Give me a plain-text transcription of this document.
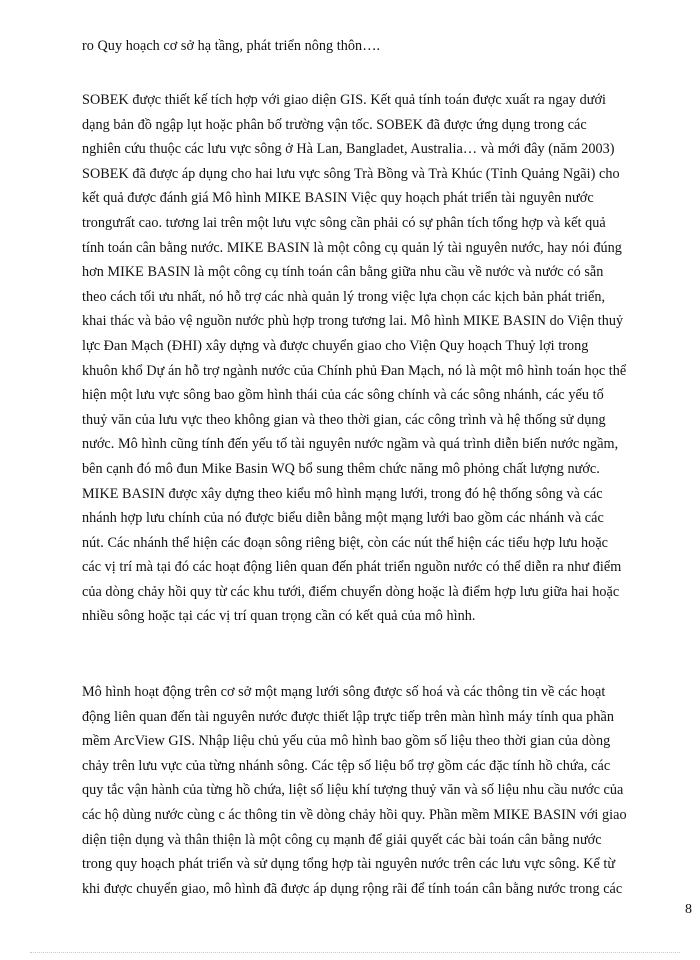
ro Quy hoạch cơ sở hạ tầng, phát triển nông thôn….
SOBEK được thiết kế tích hợp với giao diện GIS. Kết quả tính toán được xuất ra ngay dưới
dạng bản đồ ngập lụt hoặc phân bố trường vận tốc. SOBEK đã được ứng dụng trong các
nghiên cứu thuộc các lưu vực sông ở Hà Lan, Bangladet, Australia… và mới đây (năm 2003)
SOBEK đã được áp dụng cho hai lưu vực sông Trà Bồng và Trà Khúc (Tỉnh Quảng Ngãi) cho
kết quả được đánh giá Mô hình MIKE BASIN Việc quy hoạch phát triển tài nguyên nước
trongưrất cao. tương lai trên một lưu vực sông cần phải có sự phân tích tổng hợp và kết quả
tính toán cân bằng nước. MIKE BASIN là một công cụ quản lý tài nguyên nước, hay nói đúng
hơn MIKE BASIN là một công cụ tính toán cân bằng giữa nhu cầu về nước và nước có sẵn
theo cách tối ưu nhất, nó hỗ trợ các nhà quản lý trong việc lựa chọn các kịch bản phát triển,
khai thác và bảo vệ nguồn nước phù hợp trong tương lai. Mô hình MIKE BASIN do Viện thuỷ
lực Đan Mạch (ĐHI) xây dựng và được chuyển giao cho Viện Quy hoạch Thuỷ lợi trong
khuôn khổ Dự án hỗ trợ ngành nước của Chính phủ Đan Mạch, nó là một mô hình toán học thể
hiện một lưu vực sông bao gồm hình thái của các sông chính và các sông nhánh, các yếu tố
thuỷ văn của lưu vực theo không gian và theo thời gian, các công trình và hệ thống sử dụng
nước. Mô hình cũng tính đến yếu tố tài nguyên nước ngầm và quá trình diễn biến nước ngầm,
bên cạnh đó mô đun Mike Basin WQ bổ sung thêm chức năng mô phỏng chất lượng nước.
MIKE BASIN được xây dựng theo kiểu mô hình mạng lưới, trong đó hệ thống sông và các
nhánh hợp lưu chính của nó được biểu diễn bằng một mạng lưới bao gồm các nhánh và các
nút. Các nhánh thể hiện các đoạn sông riêng biệt, còn các nút thể hiện các tiểu hợp lưu hoặc
các vị trí mà tại đó các hoạt động liên quan đến phát triển nguồn nước có thể diễn ra như điểm
của dòng chảy hồi quy từ các khu tưới, điểm chuyển dòng hoặc là điểm hợp lưu giữa hai hoặc
nhiều sông hoặc tại các vị trí quan trọng cần có kết quả của mô hình.
Mô hình hoạt động trên cơ sở một mạng lưới sông được số hoá và các thông tin về các hoạt
động liên quan đến tài nguyên nước được thiết lập trực tiếp trên màn hình máy tính qua phần
mềm ArcView GIS. Nhập liệu chủ yếu của mô hình bao gồm số liệu theo thời gian của dòng
chảy trên lưu vực của từng nhánh sông. Các tệp số liệu bổ trợ gồm các đặc tính hồ chứa, các
quy tắc vận hành của từng hồ chứa, liệt số liệu khí tượng thuỷ văn và số liệu nhu cầu nước của
các hộ dùng nước cùng c ác thông tin về dòng chảy hồi quy. Phần mềm MIKE BASIN với giao
diện tiện dụng và thân thiện là một công cụ mạnh để giải quyết các bài toán cân bằng nước
trong quy hoạch phát triển và sử dụng tổng hợp tài nguyên nước trên các lưu vực sông. Kể từ
khi được chuyển giao, mô hình đã được áp dụng rộng rãi để tính toán cân bằng nước trong các
8
